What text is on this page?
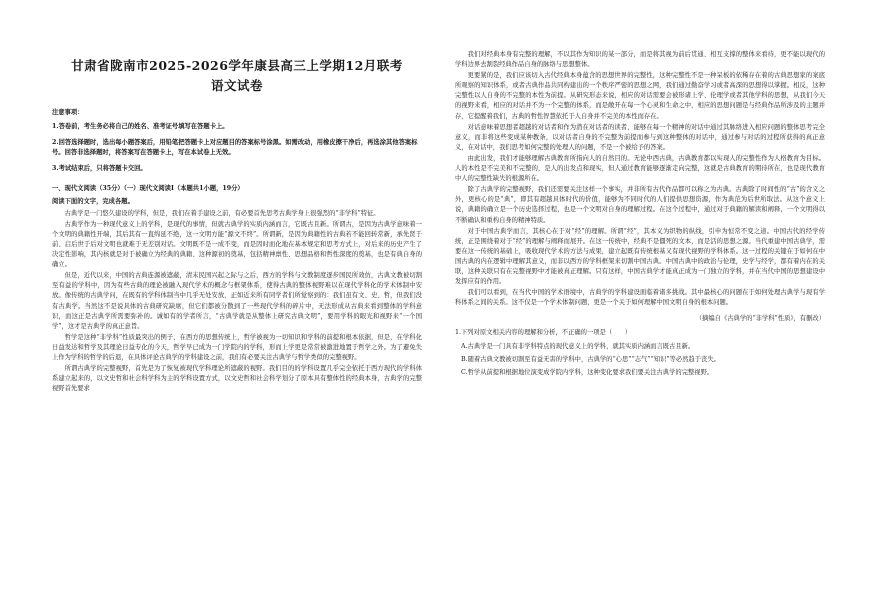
甘肃省陇南市2025-2026学年康县高三上学期12月联考
语文试卷
注意事项：
1.答卷前，考生务必将自己的姓名、准考证号填写在答题卡上。
2.回答选择题时，选出每小题答案后，用铅笔把答题卡上对应题目的答案标号涂黑。如需改动，用橡皮擦干净后，再选涂其他答案标号。回答非选择题时，将答案写在答题卡上，写在本试卷上无效。
3.考试结束后，只将答题卡交回。
一、现代文阅读（35分）（一）现代文阅读Ⅰ（本题共1小题，19分）
阅读下面的文字，完成各题。

古典学是一门悠久建设的学科，但是，我们在着手建设之前，有必要首先思考古典学身上很强烈的“非学科”特征。

古典学作为一种现代意义上的学科，是现代的事情，但就古典学的实质内涵而言，它既古且新。所谓古，是因为古典学意味着一个文明的典籍性开端，其后其有一直绵延不绝，这一文明方能“源文不终”。所谓新，是因为典籍性的古典若不能回转常新，承先贤于前、启后世于后对文明也就难于无差别对话。文明既不是一成不变，而是因时而化地在基本规定和思考方式上，对后来的历史产生了决定性影响，其内核就是对于被确立为经典的典籍、这种源初的奠基，包括精神禀性、思想品格和哲性深度的奠基，也是有典自身的确立。

但是，近代以来，中国的古典连源被遮蔽，清末民国兴起之际与之后，西方的学科与文教制度逐步国民所效仿，古典文教被切割至有益的学科中，因为有些古典的理论被融入现代学术的概念与框架体系，使得古典的整体视野难以在现代学科化的学术体制中安放。像传统的古典学问，在既有的学科体制当中几乎无处安放，正如近来所有同学者们所觉察到的：我们虽有文、史、哲，但我们没有古典学。当然这不是说具体的古典研究缺席，但它们都被分散到了一些现代学科的碎片中，无法形成从古典来看到整体的学科意识，而这正是古典学所需要弥补的。诚如有的学者所言，“古典学就是从整体上研究古典文明”，要用学科的眼光和视野来“一个国学”，这才是古典学的真正意旨。

哲学是这种“非学科”性质最突出的例子，在西方的思想传统上，哲学被视为一切知识和学科的前提和根本依据，但是，在学科化日益发达和哲学及其理论日益专化的今天，哲学早已成为一门学院内的学科，形而上学更是常常被激进地置于哲学之外。为了避免失上作为学科的哲学的后退，在具体评论古典学的学科建设之前，我们有必要关注古典学与哲学类似的完整视野。

所谓古典学的完整视野，首先是为了恢复被现代学科理论所遮蔽的视野。我们目的的学科设置几乎完全依托于西方现代的学科体系建立起来的，以文史哲和社会科学科为主的学科设置方式，以文史哲和社会科学划分了原本具有整体性的经典本身，古典学的完整视野首先要求

我们对经典本身有完整的理解，不以其作为知识的某一部分，而是将其视为前后贯通、相互支撑的整体来看待，更不能以现代的学科边界去割裂经典作品自身的脉络与思想整体。

更要紧的是，我们应该切入古代经典本身蕴含的思想世界的完整性，这种完整性不是一种呆板的依稀存在着的古典思想家的案底所观察的知识体系，或者古典作品共同构建出的一个秩序严密的思想之网，我们通过勤奋学习或者高深的思想得以掌握。相反，这种完整性以人自身的不完整的本性为前提。从研究形态来说，相应的对话需要会被形诸上学、伦理学或者其他学科的思想，从我们今天的视野来看，相应的对话并不为一个完整的体系，而是敞开在每一个心灵和生命之中，相应的思想问题是与经典作品所涉及的主题并存，它提醒着我们，古典的哲性智慧依托于人自身并不完美的本性而存在。

对话意味着思想者超越的对话者和作为潜在对话者的读者，能够在每一个精神的对话中通过其脉络进入相应问题的整体思考完全意义，而非将这些变成某种教条，以对话者自身的不完整为前提而参与到这种整体的对话中，通过参与对话的过程所获得的真正意义，在对话中，我们思考如何完整的处理人的问题，不是一个被给予的答案。

由此出发，我们才能够理解古典教育所指向人的自然目的。无论中西古典，古典教育都以实现人的完整性作为人格教育为目标。人的本性是不完美和不完整的，是人的出发点和现实，但人通过教育能够逐渐走向完整，这就是古典教育的期待所在，也是现代教育中人的完整性缺失的根源所在。

除了古典学的完整视野，我们还需要关注这样一个事实，并非所有古代作品都可以称之为古典。古典除了时间性的“古”的含义之外，更核心的是“典”，即其有超越具体时代的价值，能够为不同时代的人们提供思想资源，作为典范为后世所取法。从这个意义上说，典籍的确立是一个历史选择过程，也是一个文明对自身的理解过程。在这个过程中，通过对于典籍的解读和阐释，一个文明得以不断确认和重构自身的精神特质。

对于中国古典学而言，其核心在于对“经”的理解。所谓“经”，其本义为织物的纵线，引申为恒常不变之道。中国古代的经学传统，正是围绕着对于“经”的理解与阐释而展开。在这一传统中，经典不是僵死的文本，而是活的思想之源。当代重建中国古典学，需要在这一传统的基础上，吸收现代学术的方法与成果，建立起既有传统根基又有现代视野的学科体系。这一过程的关键在于如何在中国古典的内在逻辑中理解其意义，而非以西方的学科框架来切割中国古典。中国古典中的政治与伦理，史学与经学，都有着内在的关联，这种关联只有在完整视野中才能被真正理解。只有这样，中国古典学才能真正成为一门独立的学科，并在当代中国的思想建设中发挥应有的作用。

我们可以看到，在当代中国的学术语境中，古典学的学科建设面临着诸多挑战。其中最核心的问题在于如何处理古典学与现有学科体系之间的关系。这不仅是一个学术体制问题，更是一个关于如何理解中国文明自身的根本问题。

（摘编自《古典学的“非学科”性质》，有删改）

1.下列对原文相关内容的理解和分析，不正确的一项是（　　）

A.古典学是一门具有非学科特点的现代意义上的学科，就其实质内涵而言既古且新。

B.随着古典文教被切割至有益无害的学科中，古典学的“心思”“志气”“知识”等必然趋于丧失。

C.哲学从前提和根据地位演变成学院内学科，这种变化要求我们要关注古典学的完整视野。
